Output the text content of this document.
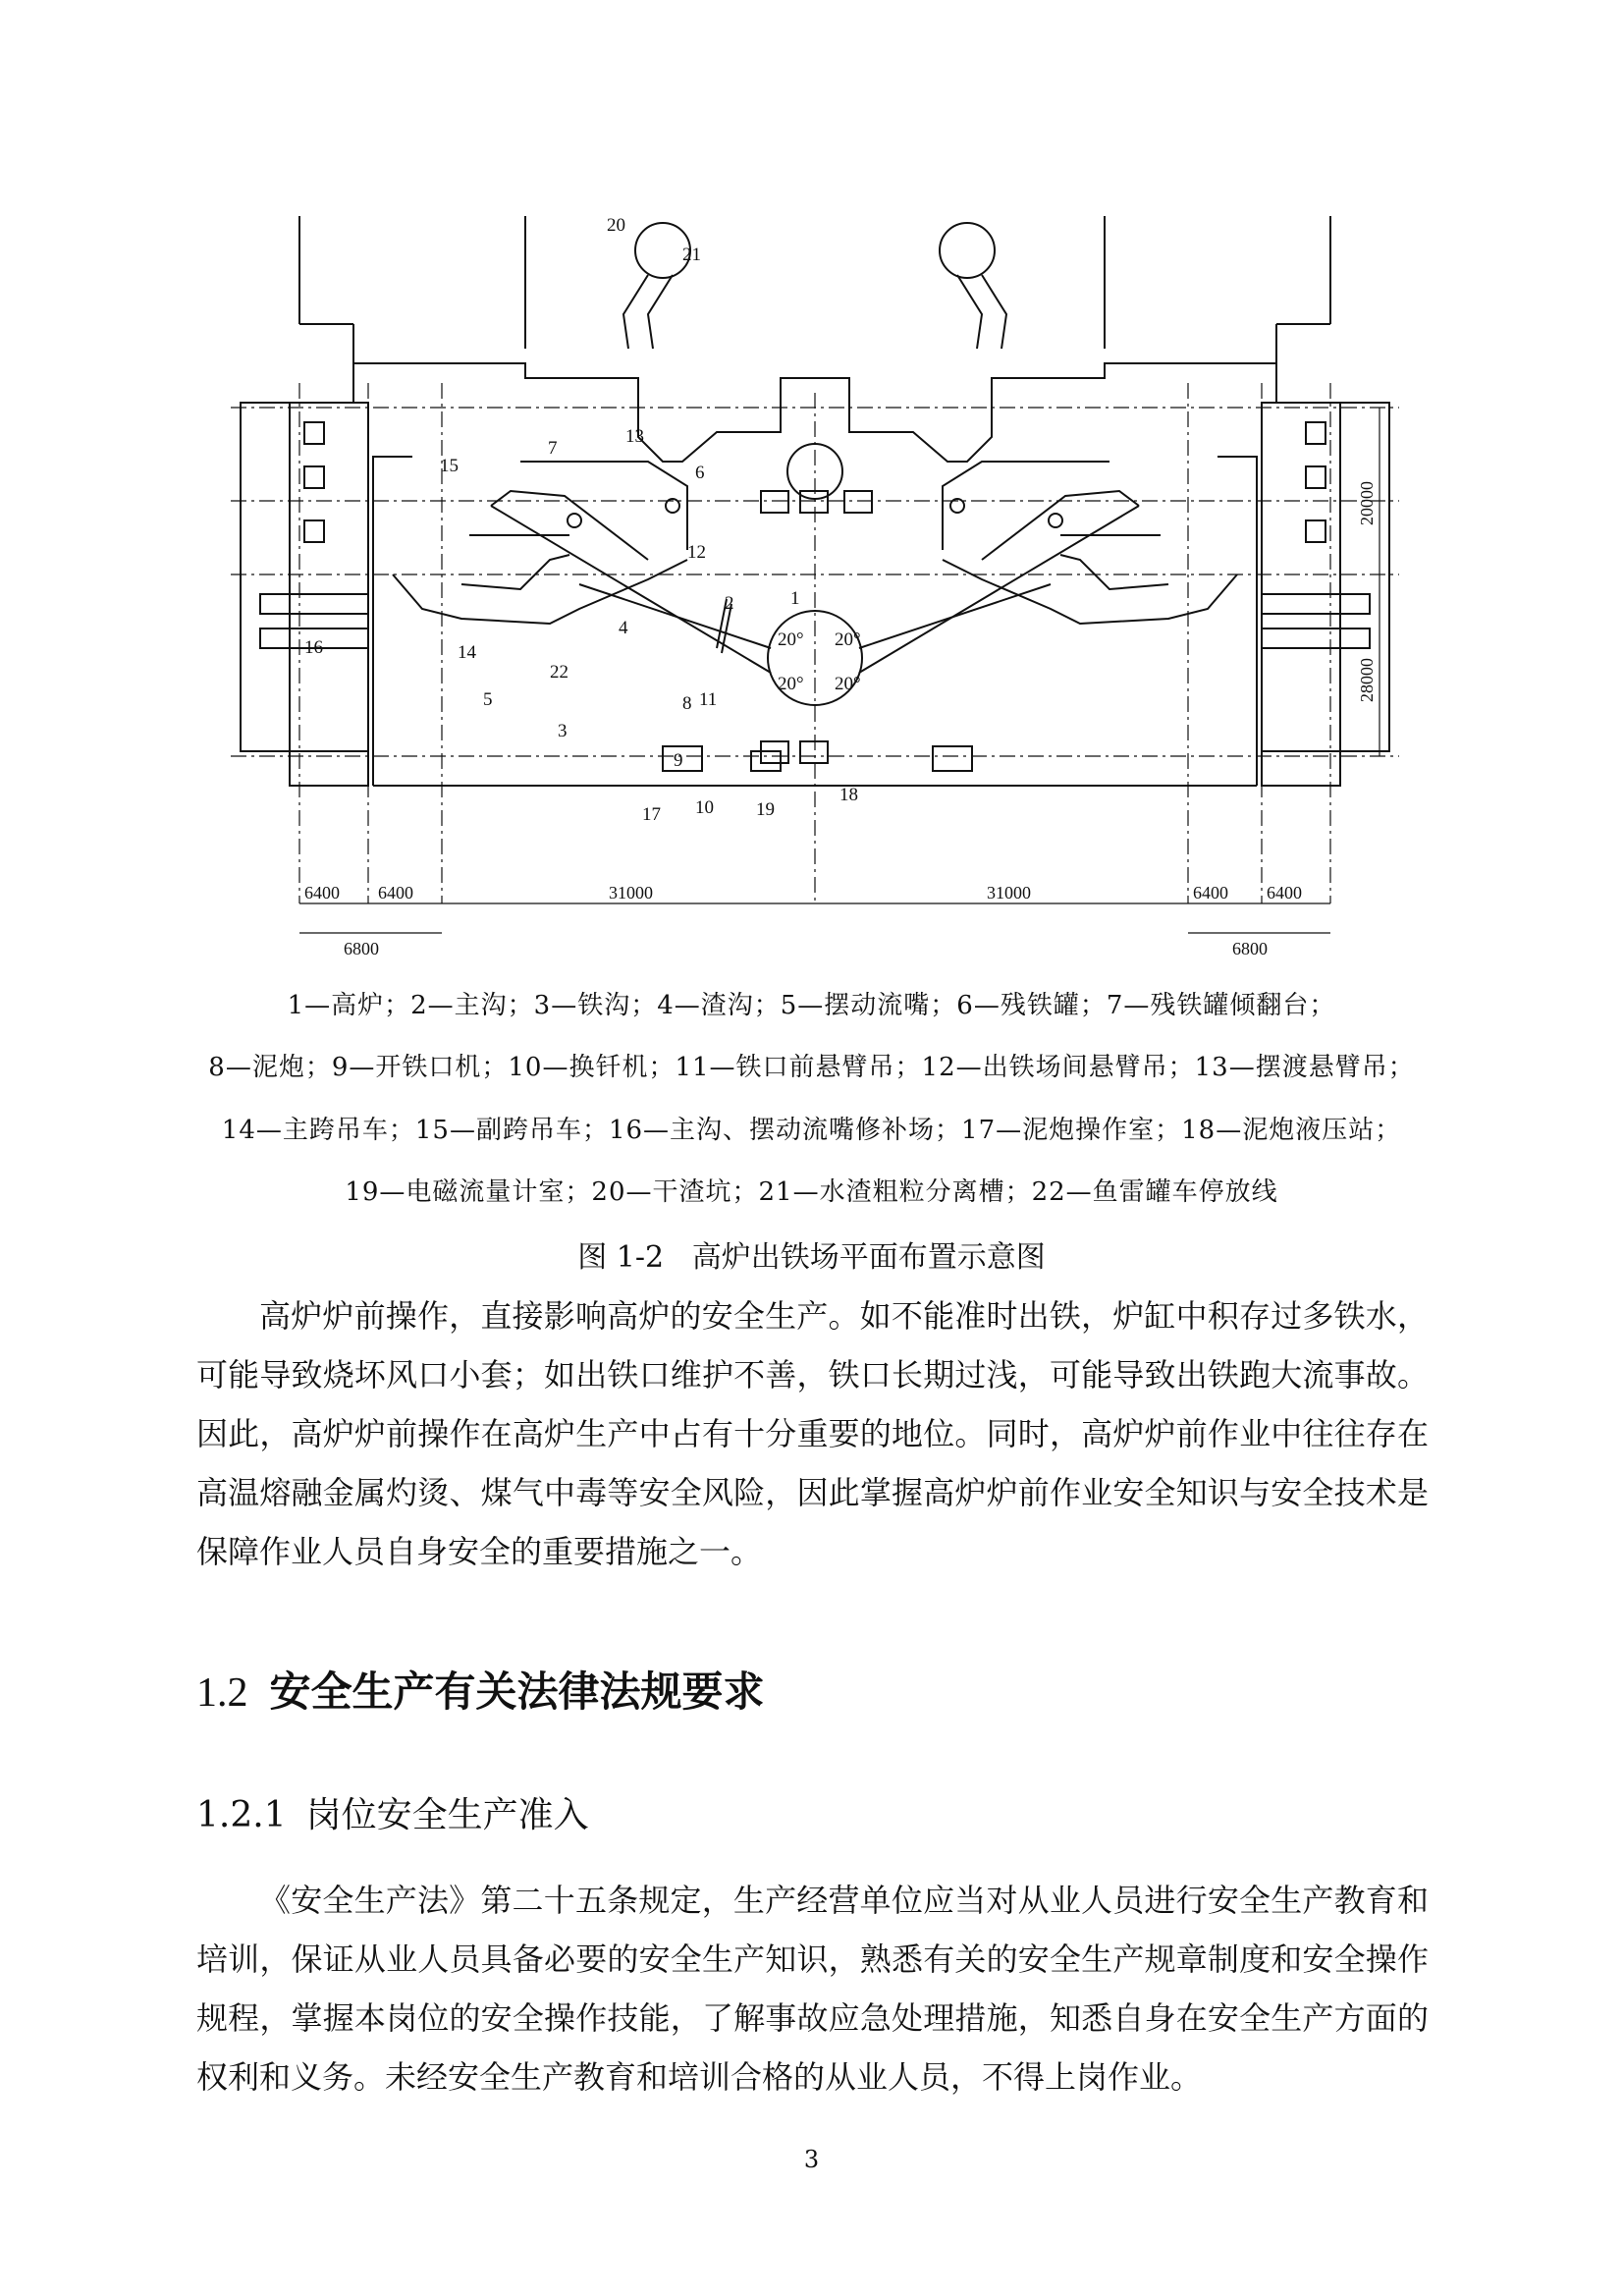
20
21
1
2
3
4
5
6
7
8
9
10
11
12
13
14
15
16
17
18
19
22
20° 20°
20° 20°
6400 6400	31000	31000	6400 6400
6800	6800
20000
28000
1—高炉；2—主沟；3—铁沟；4—渣沟；5—摆动流嘴；6—残铁罐；7—残铁罐倾翻台；
8—泥炮；9—开铁口机；10—换钎机；11—铁口前悬臂吊；12—出铁场间悬臂吊；13—摆渡悬臂吊；
14—主跨吊车；15—副跨吊车；16—主沟、摆动流嘴修补场；17—泥炮操作室；18—泥炮液压站；
19—电磁流量计室；20—干渣坑；21—水渣粗粒分离槽；22—鱼雷罐车停放线
图 1-2 高炉出铁场平面布置示意图

高炉炉前操作，直接影响高炉的安全生产。如不能准时出铁，炉缸中积存过多铁水，可能导致烧坏风口小套；如出铁口维护不善，铁口长期过浅，可能导致出铁跑大流事故。因此，高炉炉前操作在高炉生产中占有十分重要的地位。同时，高炉炉前作业中往往存在高温熔融金属灼烫、煤气中毒等安全风险，因此掌握高炉炉前作业安全知识与安全技术是保障作业人员自身安全的重要措施之一。

1.2 安全生产有关法律法规要求
1.2.1 岗位安全生产准入

《安全生产法》第二十五条规定，生产经营单位应当对从业人员进行安全生产教育和培训，保证从业人员具备必要的安全生产知识，熟悉有关的安全生产规章制度和安全操作规程，掌握本岗位的安全操作技能，了解事故应急处理措施，知悉自身在安全生产方面的权利和义务。未经安全生产教育和培训合格的从业人员，不得上岗作业。

3
